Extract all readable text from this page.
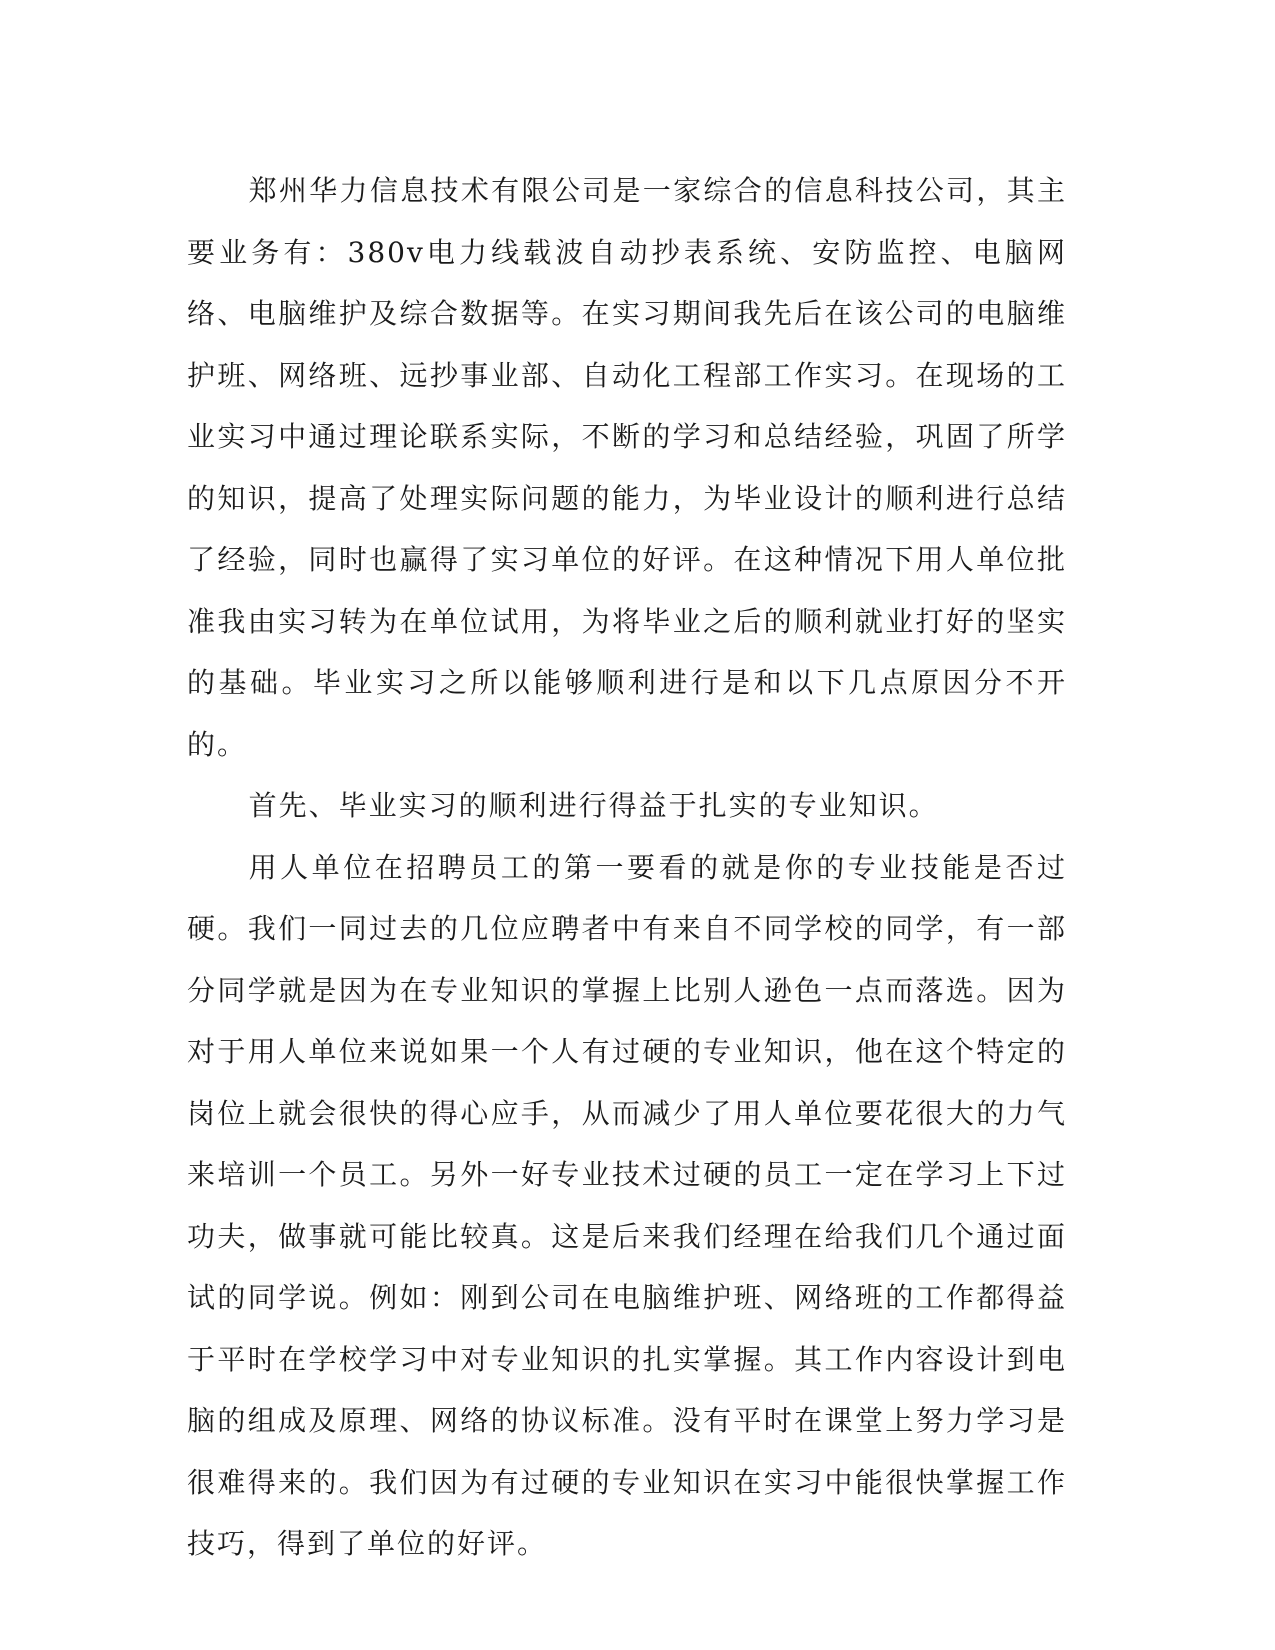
郑州华力信息技术有限公司是一家综合的信息科技公司，其主要业务有：380v电力线载波自动抄表系统、安防监控、电脑网络、电脑维护及综合数据等。在实习期间我先后在该公司的电脑维护班、网络班、远抄事业部、自动化工程部工作实习。在现场的工业实习中通过理论联系实际，不断的学习和总结经验，巩固了所学的知识，提高了处理实际问题的能力，为毕业设计的顺利进行总结了经验，同时也赢得了实习单位的好评。在这种情况下用人单位批准我由实习转为在单位试用，为将毕业之后的顺利就业打好的坚实的基础。毕业实习之所以能够顺利进行是和以下几点原因分不开的。

首先、毕业实习的顺利进行得益于扎实的专业知识。

用人单位在招聘员工的第一要看的就是你的专业技能是否过硬。我们一同过去的几位应聘者中有来自不同学校的同学，有一部分同学就是因为在专业知识的掌握上比别人逊色一点而落选。因为对于用人单位来说如果一个人有过硬的专业知识，他在这个特定的岗位上就会很快的得心应手，从而减少了用人单位要花很大的力气来培训一个员工。另外一好专业技术过硬的员工一定在学习上下过功夫，做事就可能比较真。这是后来我们经理在给我们几个通过面试的同学说。例如：刚到公司在电脑维护班、网络班的工作都得益于平时在学校学习中对专业知识的扎实掌握。其工作内容设计到电脑的组成及原理、网络的协议标准。没有平时在课堂上努力学习是很难得来的。我们因为有过硬的专业知识在实习中能很快掌握工作技巧，得到了单位的好评。
